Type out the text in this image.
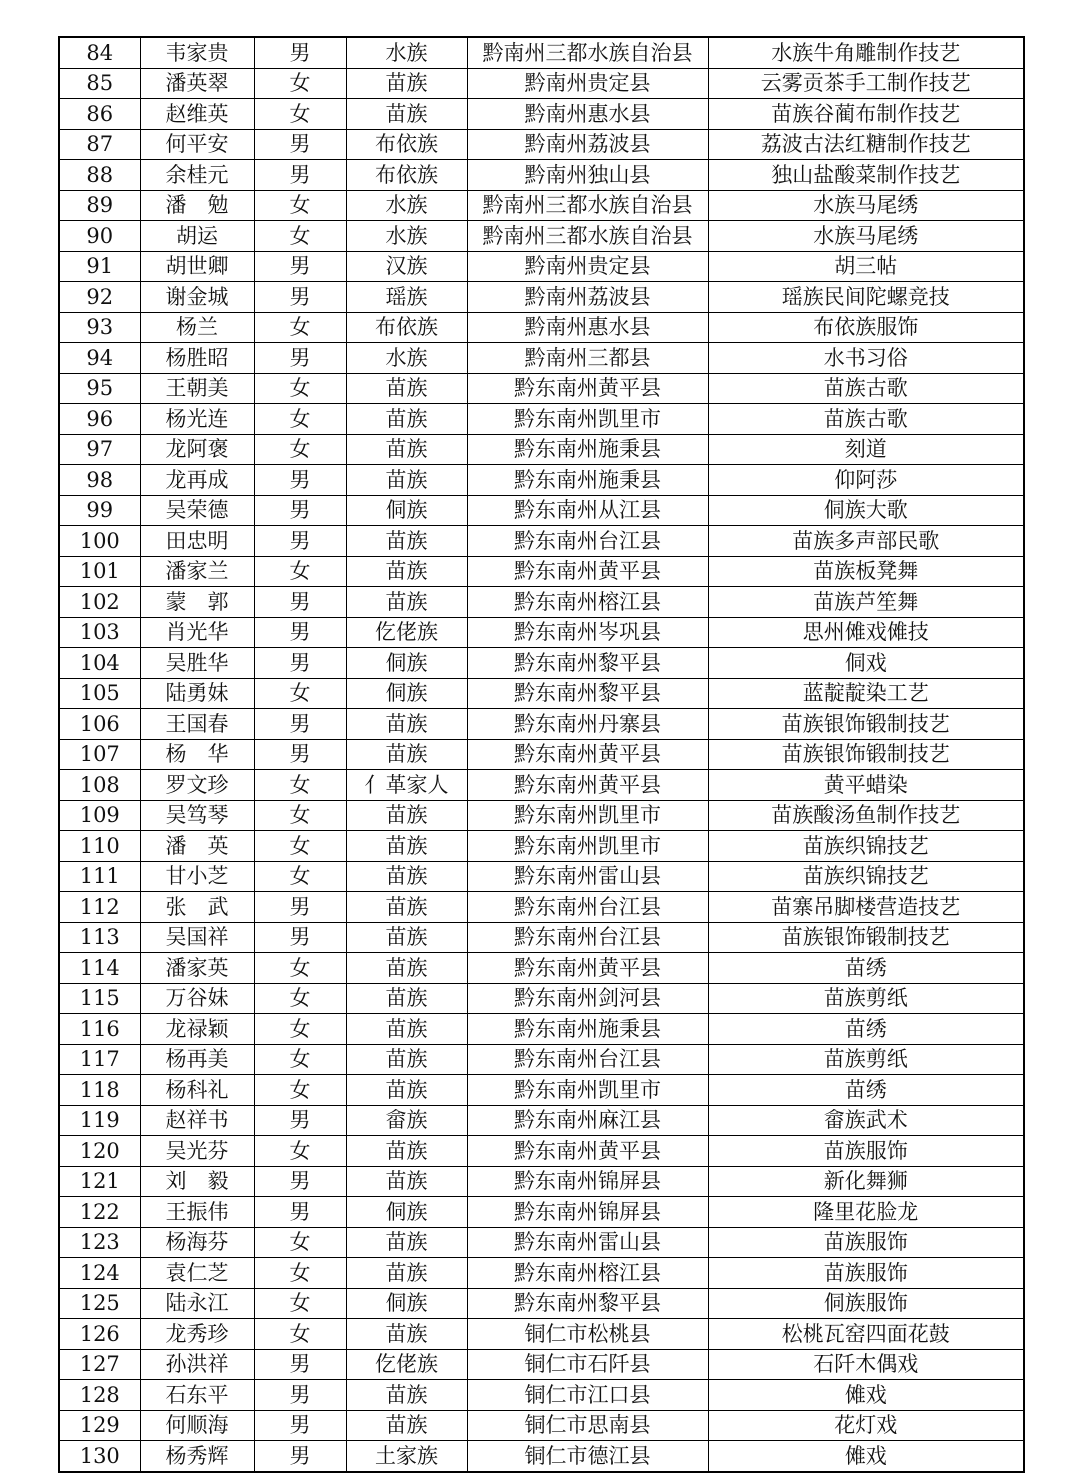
84	韦家贵	男	水族	黔南州三都水族自治县	水族牛角雕制作技艺
85	潘英翠	女	苗族	黔南州贵定县	云雾贡茶手工制作技艺
86	赵维英	女	苗族	黔南州惠水县	苗族谷蔺布制作技艺
87	何平安	男	布依族	黔南州荔波县	荔波古法红糖制作技艺
88	余桂元	男	布依族	黔南州独山县	独山盐酸菜制作技艺
89	潘　勉	女	水族	黔南州三都水族自治县	水族马尾绣
90	胡运	女	水族	黔南州三都水族自治县	水族马尾绣
91	胡世卿	男	汉族	黔南州贵定县	胡三帖
92	谢金城	男	瑶族	黔南州荔波县	瑶族民间陀螺竞技
93	杨兰	女	布依族	黔南州惠水县	布依族服饰
94	杨胜昭	男	水族	黔南州三都县	水书习俗
95	王朝美	女	苗族	黔东南州黄平县	苗族古歌
96	杨光连	女	苗族	黔东南州凯里市	苗族古歌
97	龙阿褒	女	苗族	黔东南州施秉县	刻道
98	龙再成	男	苗族	黔东南州施秉县	仰阿莎
99	吴荣德	男	侗族	黔东南州从江县	侗族大歌
100	田忠明	男	苗族	黔东南州台江县	苗族多声部民歌
101	潘家兰	女	苗族	黔东南州黄平县	苗族板凳舞
102	蒙　郭	男	苗族	黔东南州榕江县	苗族芦笙舞
103	肖光华	男	仡佬族	黔东南州岑巩县	思州傩戏傩技
104	吴胜华	男	侗族	黔东南州黎平县	侗戏
105	陆勇妹	女	侗族	黔东南州黎平县	蓝靛靛染工艺
106	王国春	男	苗族	黔东南州丹寨县	苗族银饰锻制技艺
107	杨　华	男	苗族	黔东南州黄平县	苗族银饰锻制技艺
108	罗文珍	女	亻革家人	黔东南州黄平县	黄平蜡染
109	吴笃琴	女	苗族	黔东南州凯里市	苗族酸汤鱼制作技艺
110	潘　英	女	苗族	黔东南州凯里市	苗族织锦技艺
111	甘小芝	女	苗族	黔东南州雷山县	苗族织锦技艺
112	张　武	男	苗族	黔东南州台江县	苗寨吊脚楼营造技艺
113	吴国祥	男	苗族	黔东南州台江县	苗族银饰锻制技艺
114	潘家英	女	苗族	黔东南州黄平县	苗绣
115	万谷妹	女	苗族	黔东南州剑河县	苗族剪纸
116	龙禄颖	女	苗族	黔东南州施秉县	苗绣
117	杨再美	女	苗族	黔东南州台江县	苗族剪纸
118	杨科礼	女	苗族	黔东南州凯里市	苗绣
119	赵祥书	男	畲族	黔东南州麻江县	畲族武术
120	吴光芬	女	苗族	黔东南州黄平县	苗族服饰
121	刘　毅	男	苗族	黔东南州锦屏县	新化舞狮
122	王振伟	男	侗族	黔东南州锦屏县	隆里花脸龙
123	杨海芬	女	苗族	黔东南州雷山县	苗族服饰
124	袁仁芝	女	苗族	黔东南州榕江县	苗族服饰
125	陆永江	女	侗族	黔东南州黎平县	侗族服饰
126	龙秀珍	女	苗族	铜仁市松桃县	松桃瓦窑四面花鼓
127	孙洪祥	男	仡佬族	铜仁市石阡县	石阡木偶戏
128	石东平	男	苗族	铜仁市江口县	傩戏
129	何顺海	男	苗族	铜仁市思南县	花灯戏
130	杨秀辉	男	土家族	铜仁市德江县	傩戏
